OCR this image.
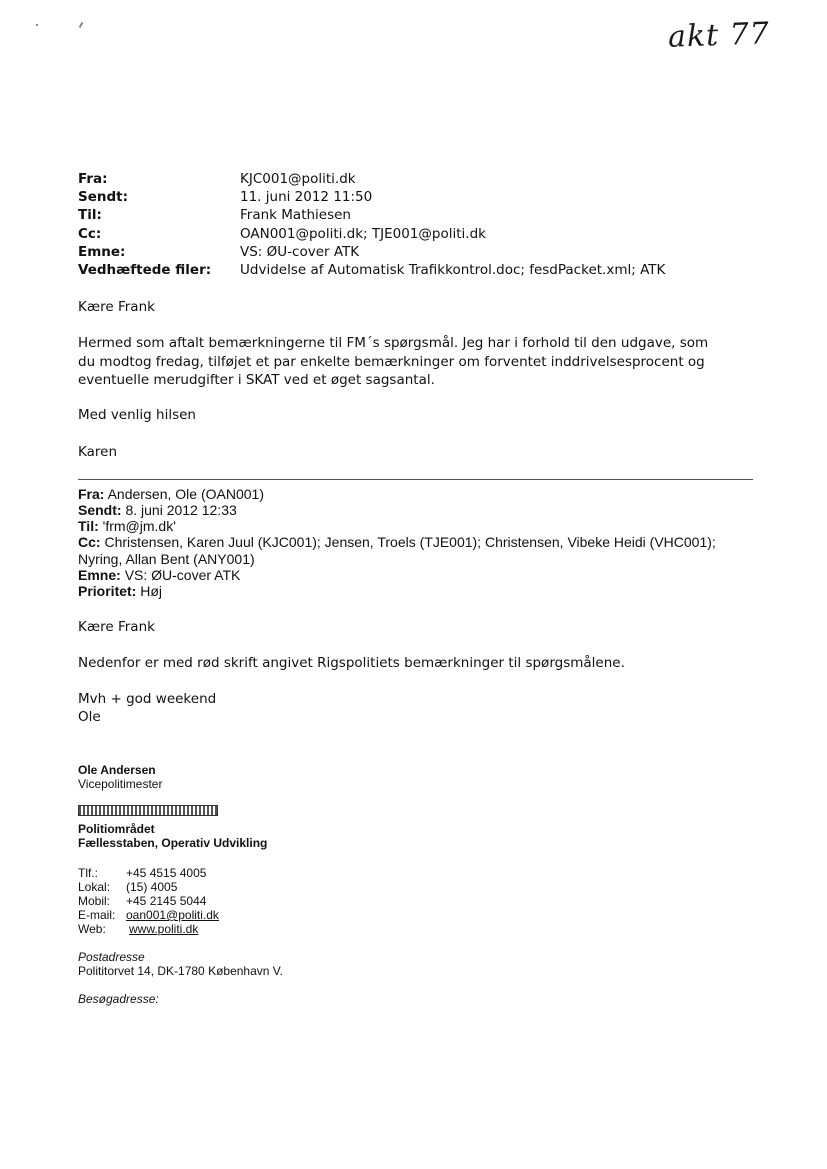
akt 77
Fra:	KJC001@politi.dk
Sendt:	11. juni 2012 11:50
Til:	Frank Mathiesen
Cc:	OAN001@politi.dk; TJE001@politi.dk
Emne:	VS: ØU-cover ATK
Vedhæftede filer: Udvidelse af Automatisk Trafikkontrol.doc; fesdPacket.xml; ATK
Kære Frank
Hermed som aftalt bemærkningerne til FM´s spørgsmål. Jeg har i forhold til den udgave, som du modtog fredag, tilføjet et par enkelte bemærkninger om forventet inddrivelsesprocent og eventuelle merudgifter i SKAT ved et øget sagsantal.
Med venlig hilsen
Karen
Fra: Andersen, Ole (OAN001)
Sendt: 8. juni 2012 12:33
Til: 'frm@jm.dk'
Cc: Christensen, Karen Juul (KJC001); Jensen, Troels (TJE001); Christensen, Vibeke Heidi (VHC001); Nyring, Allan Bent (ANY001)
Emne: VS: ØU-cover ATK
Prioritet: Høj
Kære Frank
Nedenfor er med rød skrift angivet Rigspolitiets bemærkninger til spørgsmålene.
Mvh + god weekend
Ole
Ole Andersen
Vicepolitimester
Politiområdet
Fællesstaben, Operativ Udvikling
Tlf.: +45 4515 4005
Lokal: (15) 4005
Mobil: +45 2145 5044
E-mail: oan001@politi.dk
Web: www.politi.dk
Postadresse
Polititorvet 14, DK-1780 København V.
Besøgadresse:
